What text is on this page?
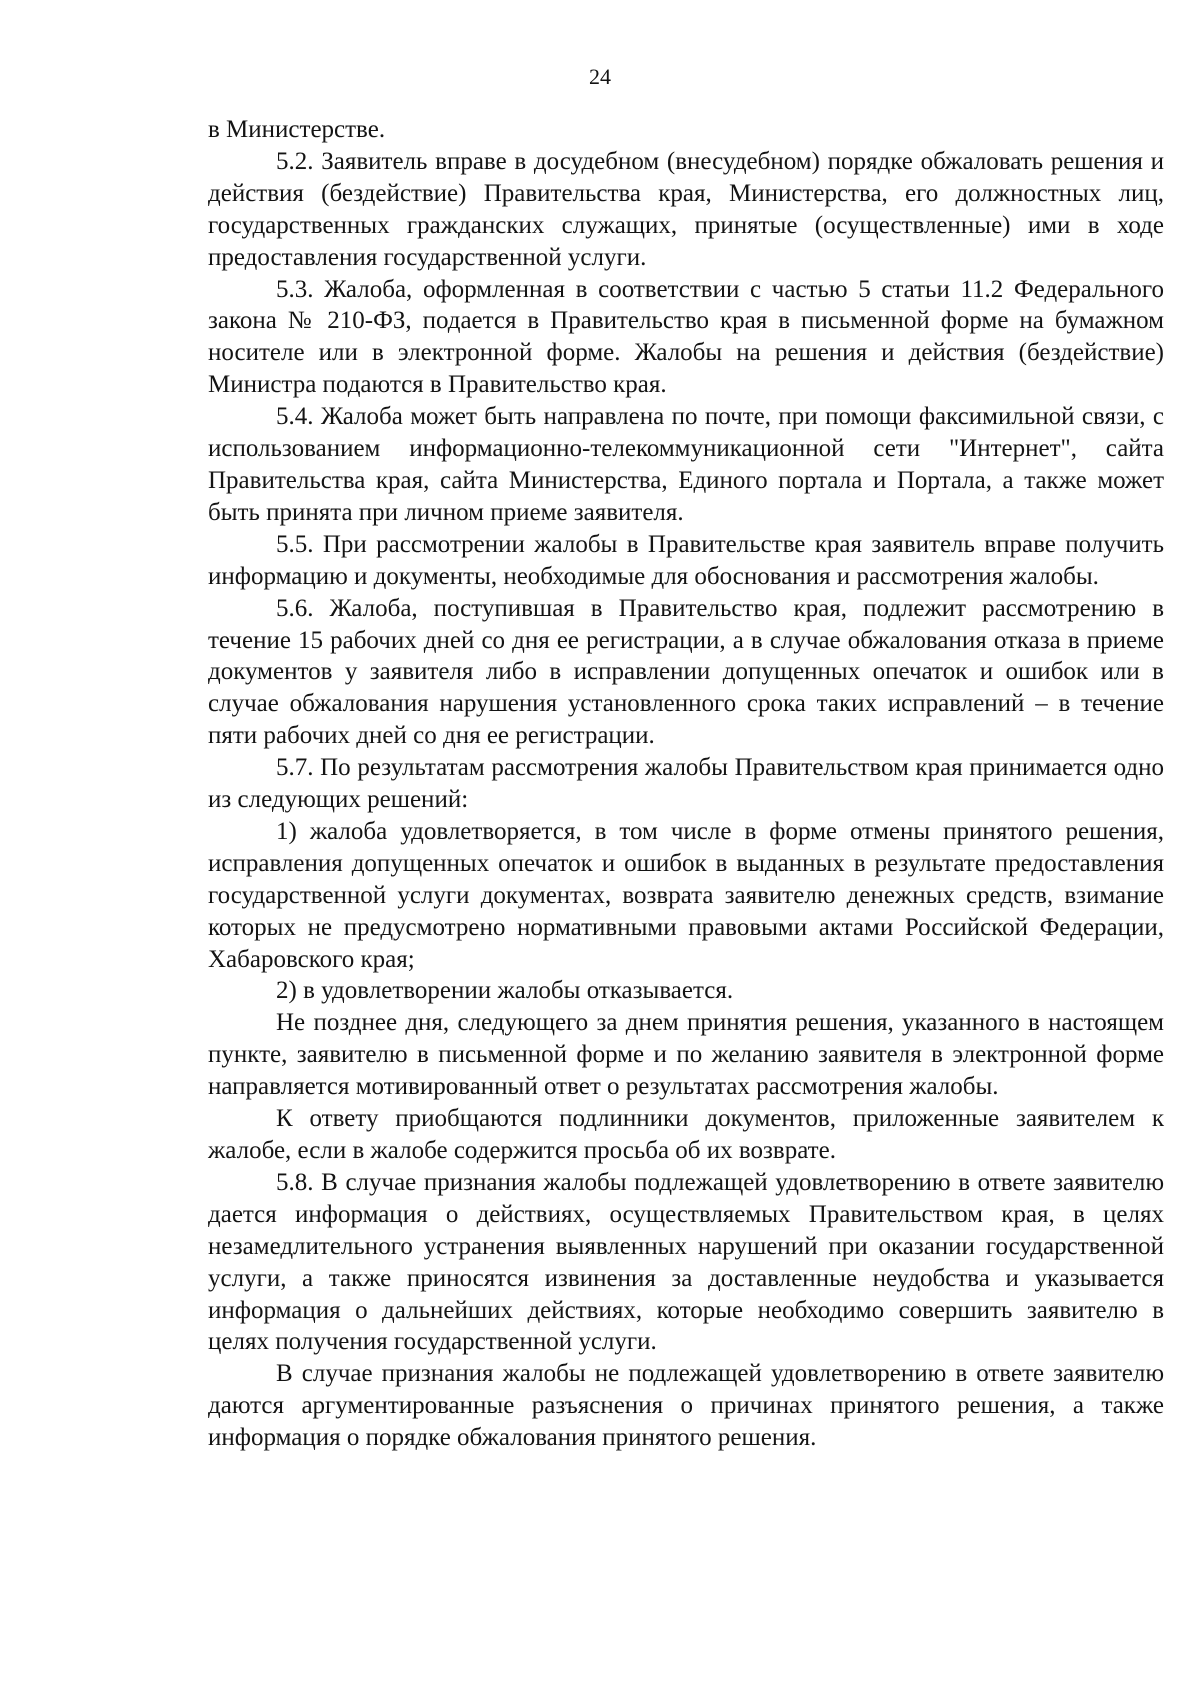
24

в Министерстве.

5.2. Заявитель вправе в досудебном (внесудебном) порядке обжаловать решения и действия (бездействие) Правительства края, Министерства, его должностных лиц, государственных гражданских служащих, принятые (осуществленные) ими в ходе предоставления государственной услуги.

5.3. Жалоба, оформленная в соответствии с частью 5 статьи 11.2 Федерального закона № 210-ФЗ, подается в Правительство края в письменной форме на бумажном носителе или в электронной форме. Жалобы на решения и действия (бездействие) Министра подаются в Правительство края.

5.4. Жалоба может быть направлена по почте, при помощи факсимильной связи, с использованием информационно-телекоммуникационной сети "Интернет", сайта Правительства края, сайта Министерства, Единого портала и Портала, а также может быть принята при личном приеме заявителя.

5.5. При рассмотрении жалобы в Правительстве края заявитель вправе получить информацию и документы, необходимые для обоснования и рассмотрения жалобы.

5.6. Жалоба, поступившая в Правительство края, подлежит рассмотрению в течение 15 рабочих дней со дня ее регистрации, а в случае обжалования отказа в приеме документов у заявителя либо в исправлении допущенных опечаток и ошибок или в случае обжалования нарушения установленного срока таких исправлений – в течение пяти рабочих дней со дня ее регистрации.

5.7. По результатам рассмотрения жалобы Правительством края принимается одно из следующих решений:

1) жалоба удовлетворяется, в том числе в форме отмены принятого решения, исправления допущенных опечаток и ошибок в выданных в результате предоставления государственной услуги документах, возврата заявителю денежных средств, взимание которых не предусмотрено нормативными правовыми актами Российской Федерации, Хабаровского края;

2) в удовлетворении жалобы отказывается.

Не позднее дня, следующего за днем принятия решения, указанного в настоящем пункте, заявителю в письменной форме и по желанию заявителя в электронной форме направляется мотивированный ответ о результатах рассмотрения жалобы.

К ответу приобщаются подлинники документов, приложенные заявителем к жалобе, если в жалобе содержится просьба об их возврате.

5.8. В случае признания жалобы подлежащей удовлетворению в ответе заявителю дается информация о действиях, осуществляемых Правительством края, в целях незамедлительного устранения выявленных нарушений при оказании государственной услуги, а также приносятся извинения за доставленные неудобства и указывается информация о дальнейших действиях, которые необходимо совершить заявителю в целях получения государственной услуги.

В случае признания жалобы не подлежащей удовлетворению в ответе заявителю даются аргументированные разъяснения о причинах принятого решения, а также информация о порядке обжалования принятого решения.
